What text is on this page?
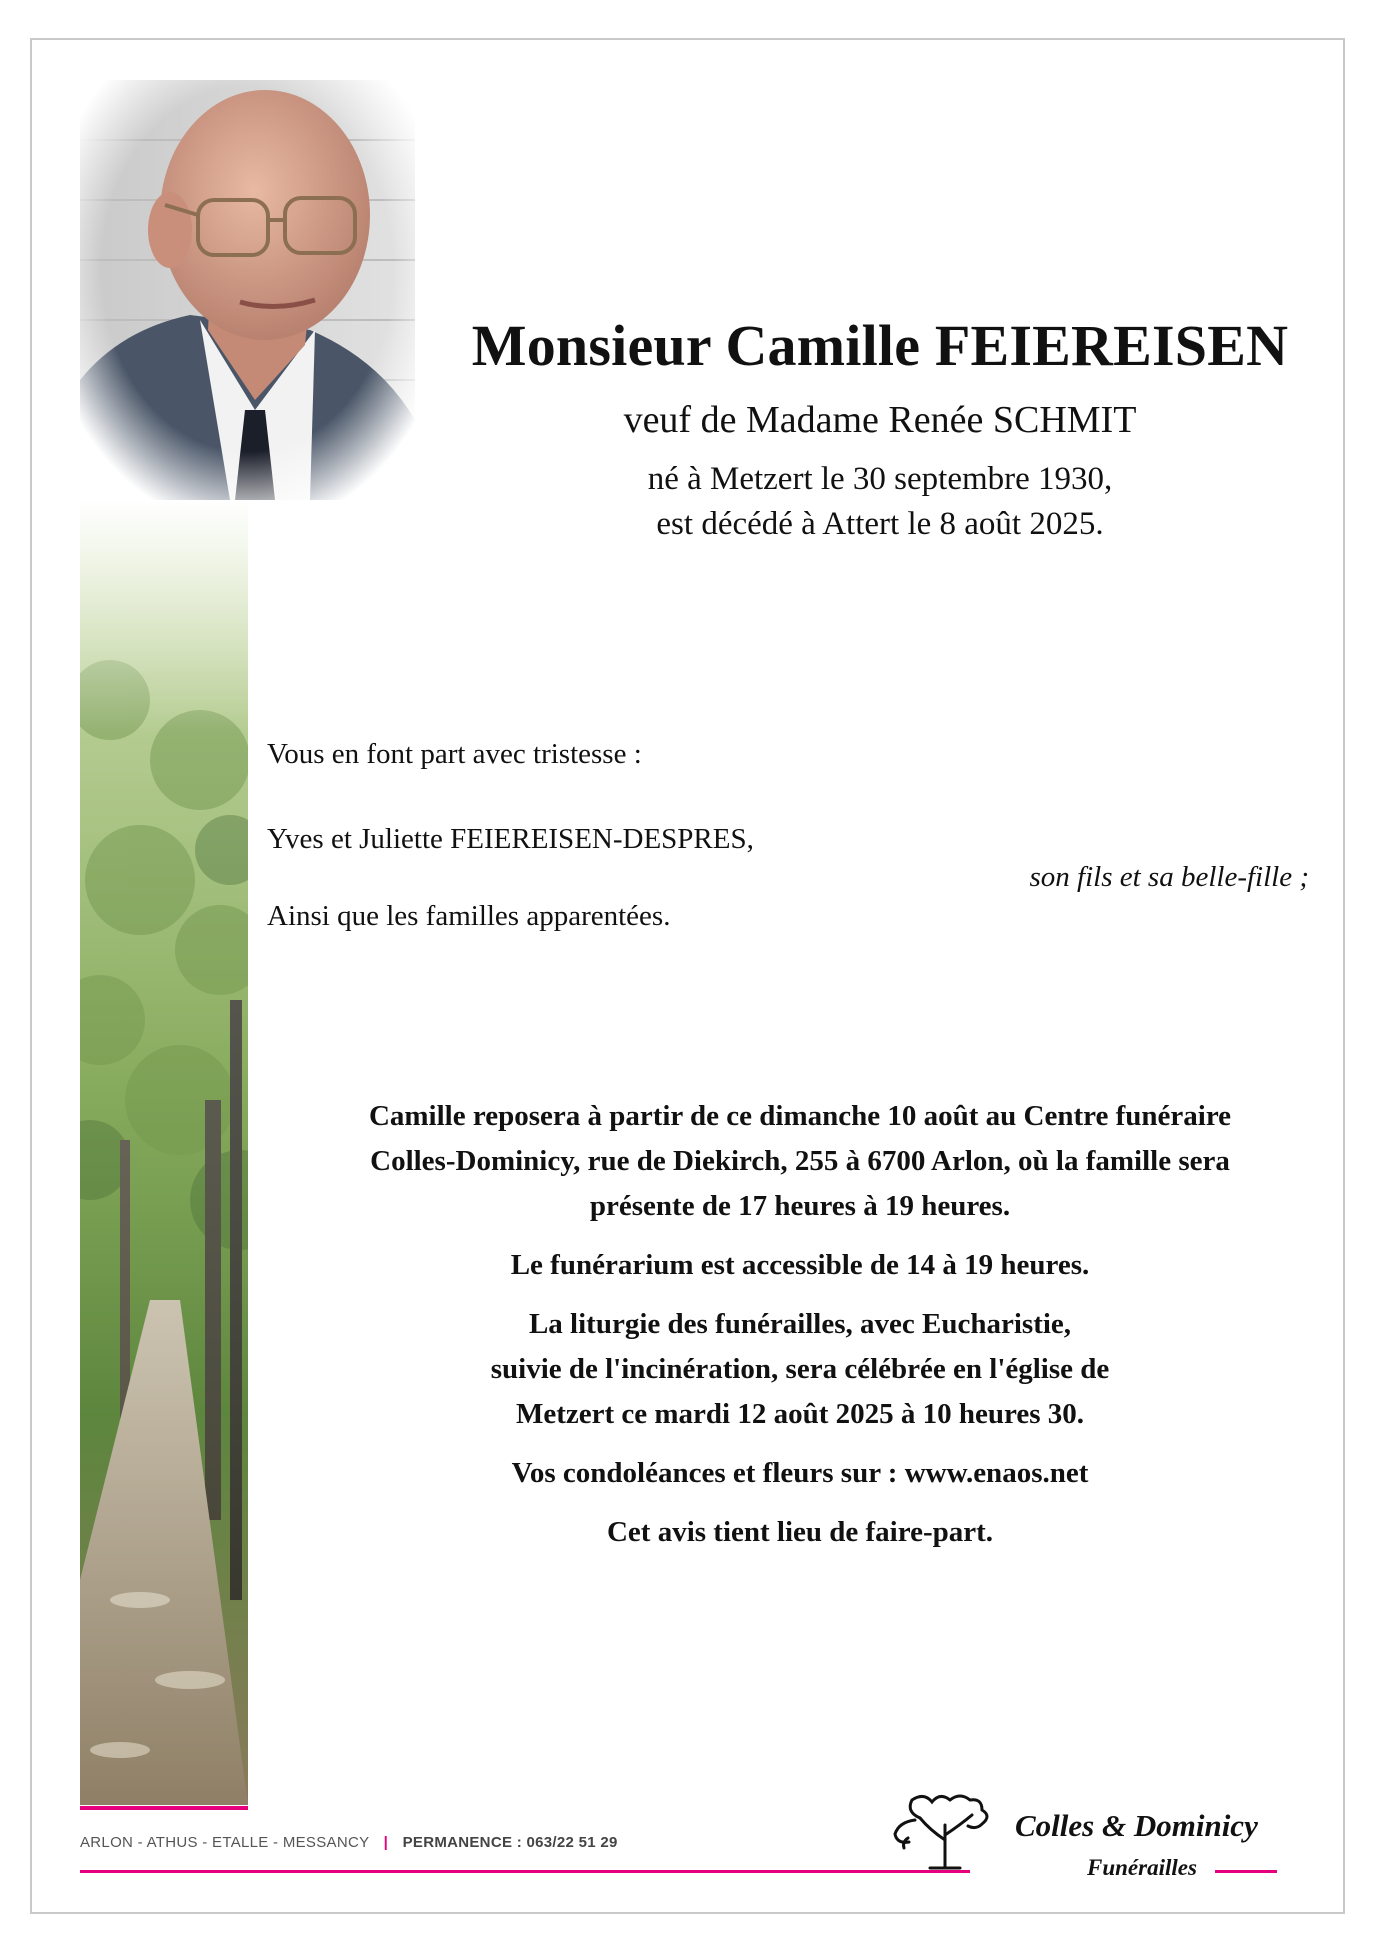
Monsieur Camille FEIEREISEN
veuf de Madame Renée SCHMIT
né à Metzert le 30 septembre 1930,
est décédé à Attert le 8 août 2025.
Vous en font part avec tristesse :
Yves et Juliette FEIEREISEN-DESPRES,
son fils et sa belle-fille ;
Ainsi que les familles apparentées.

Camille reposera à partir de ce dimanche 10 août au Centre funéraire
Colles-Dominicy, rue de Diekirch, 255 à 6700 Arlon, où la famille sera
présente de 17 heures à 19 heures.

Le funérarium est accessible de 14 à 19 heures.

La liturgie des funérailles, avec Eucharistie,
suivie de l'incinération, sera célébrée en l'église de
Metzert ce mardi 12 août 2025 à 10 heures 30.

Vos condoléances et fleurs sur : www.enaos.net

Cet avis tient lieu de faire-part.

ARLON - ATHUS - ETALLE - MESSANCY | PERMANENCE : 063/22 51 29	Colles & Dominicy
Funérailles
